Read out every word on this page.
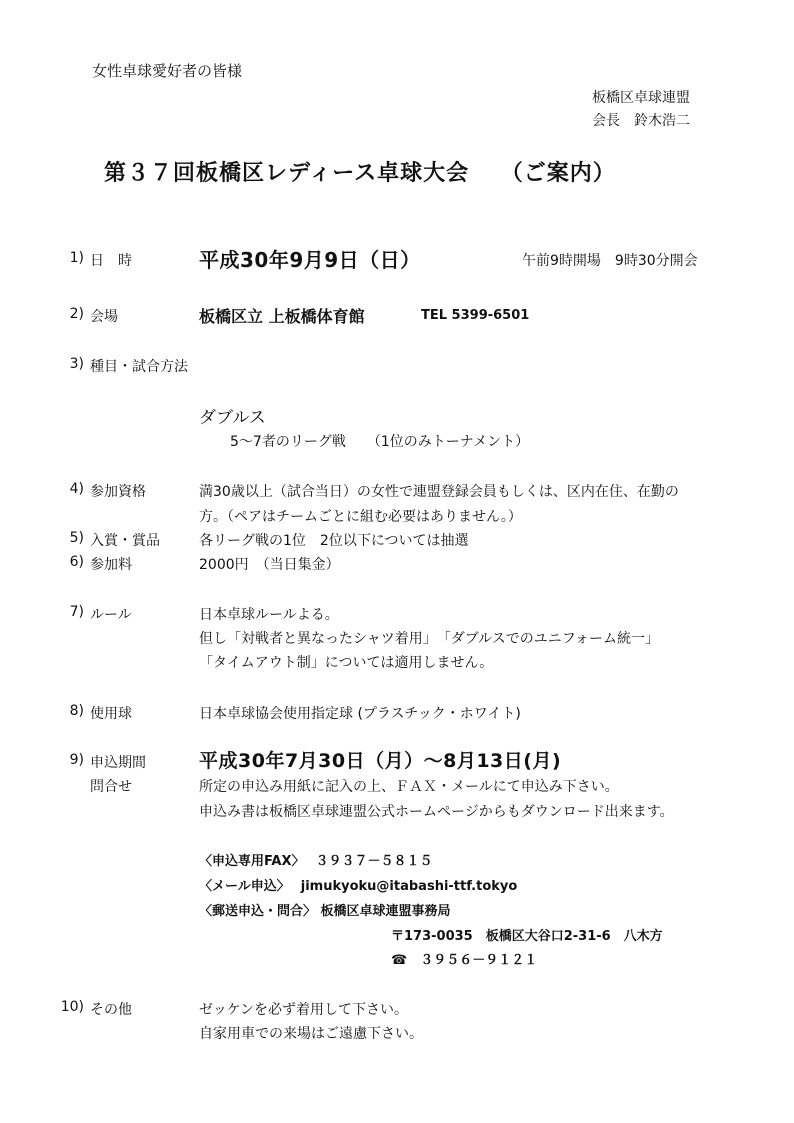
女性卓球愛好者の皆様
板橋区卓球連盟
会長　鈴木浩二
第３７回板橋区レディース卓球大会　 （ご案内）
1) 日　時	平成30年9月9日（日）	午前9時開場　9時30分開会
2) 会場	板橋区立 上板橋体育館	TEL 5399-6501
3) 種目・試合方法
ダブルス
5～7者のリーグ戦　　（1位のみトーナメント）
4) 参加資格	満30歳以上（試合当日）の女性で連盟登録会員もしくは、区内在住、在勤の
方。（ペアはチームごとに組む必要はありません。）
5) 入賞・賞品	各リーグ戦の1位　2位以下については抽選
6) 参加料	2000円　（当日集金）
7) ルール	日本卓球ルールよる。
但し「対戦者と異なったシャツ着用」　「ダブルスでのユニフォーム統一」
「タイムアウト制」については適用しません。
8) 使用球	日本卓球協会使用指定球 (プラスチック・ホワイト)
9) 申込期間
問合せ
平成30年7月30日（月）～8月13日(月)
所定の申込み用紙に記入の上、ＦＡＸ・メールにて申込み下さい。
申込み書は板橋区卓球連盟公式ホームページからもダウンロード出来ます。
〈申込専用FAX〉　 ３９３７－５８１５
〈メール申込〉　 jimukyoku@itabashi-ttf.tokyo
〈郵送申込・問合〉 板橋区卓球連盟事務局
〒173-0035　板橋区大谷口2-31-6　八木方
☎　３９５６－９１２１
10) その他	ゼッケンを必ず着用して下さい。
自家用車での来場はご遠慮下さい。
